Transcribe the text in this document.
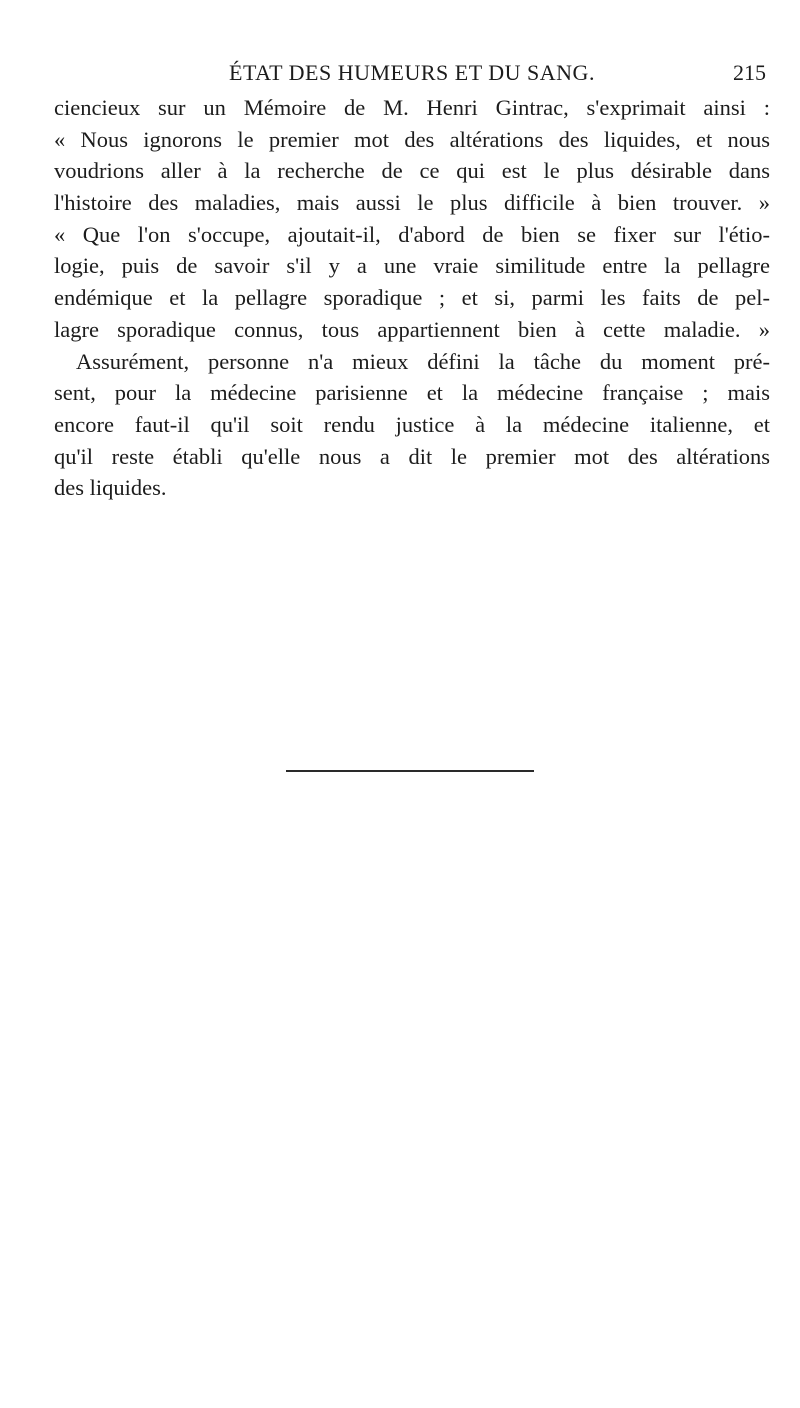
ÉTAT DES HUMEURS ET DU SANG.	215
ciencieux sur un Mémoire de M. Henri Gintrac, s'exprimait ainsi :
« Nous ignorons le premier mot des altérations des liquides, et nous
voudrions aller à la recherche de ce qui est le plus désirable dans
l'histoire des maladies, mais aussi le plus difficile à bien trouver. »
« Que l'on s'occupe, ajoutait-il, d'abord de bien se fixer sur l'étio-
logie, puis de savoir s'il y a une vraie similitude entre la pellagre
endémique et la pellagre sporadique ; et si, parmi les faits de pel-
lagre sporadique connus, tous appartiennent bien à cette maladie. »
Assurément, personne n'a mieux défini la tâche du moment pré-
sent, pour la médecine parisienne et la médecine française ; mais
encore faut-il qu'il soit rendu justice à la médecine italienne, et
qu'il reste établi qu'elle nous a dit le premier mot des altérations
des liquides.
